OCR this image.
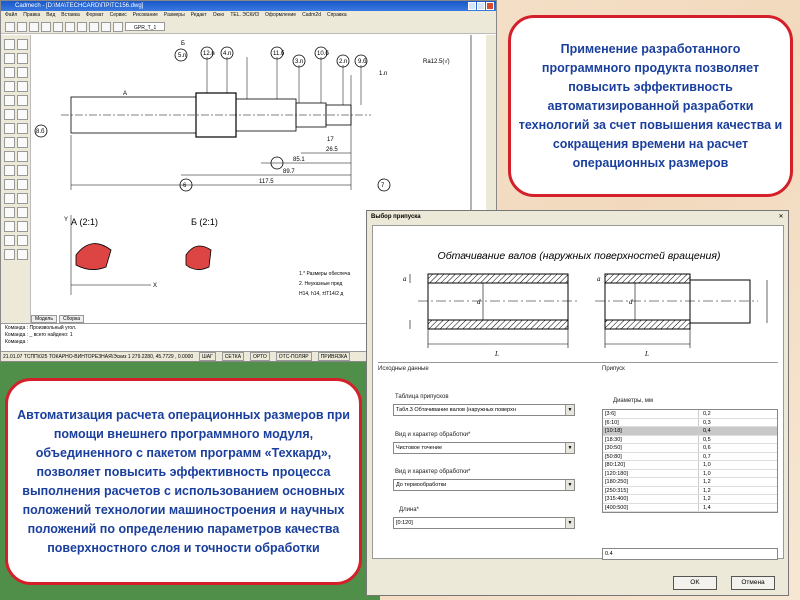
Cadmech - [D:\MA\TECHCARD\ПРIТС156.dwg]
Файл Правка Вид Вставка Формат Сервис Рисование Размеры Редакт Окно TEL. ЭСКИЗ Оформление Cadm2d Справка
GPR_T_1
Б
5.n	12.n 4.n	11.б
3.n
10.б
2.n 9.б
1.n
8.б
А
6	7
Ra12.5(√)
117.5
89.7
85.1
26.5
17
А (2:1)	Б (2:1)
1.* Размеры обеспеча
2. Неуказные пред
H14, h14, ±IT14/2 д
Y
X
Модель	Сборка
Команда : Произвольный угол.
Команда : _ всего найдено: 1
Команда :
21.01.07 ТСПП\025 ТОКАРНО-ВИНТОРЕЗНАЯ\Эскиз 1 279.2280, 45.7729 , 0.0000	ШАГ	СЕТКА	ОРТО	ОТС-ПОЛЯР	ПРИВЯЗКА
Применение разработанного программного продукта позволяет повысить эффективность автоматизированной разработки технологий за счет повышения качества и сокращения времени на расчет операционных размеров
Выбор припуска	✕
Обтачивание валов (наружных поверхностей вращения)
a
d
L
a
d
L
Исходные данные	Припуск
Таблица припусков
Табл.3 Обтачивание валов (наружных поверхн	▼
Вид и характер обработки*
Чистовое точение	▼
Вид и характер обработки*
До термообработки	▼
Длина*
[0:120]	▼
Диаметры, мм
[3:6]	0,2
[6:10]	0,3
[10:18]	0,4
[18:30]	0,5
[30:50]	0,6
[50:80]	0,7
[80:120]	1,0
[120:180]	1,0
[180:250]	1,2
[250:315]	1,2
[315:400]	1,2
[400:500]	1,4
0.4
OK	Отмена
Автоматизация расчета операционных размеров при помощи внешнего программного модуля, объединенного с пакетом программ «Техкард», позволяет повысить эффективность процесса выполнения расчетов с использованием основных положений технологии машиностроения и научных положений по определению параметров качества поверхностного слоя и точности обработки
